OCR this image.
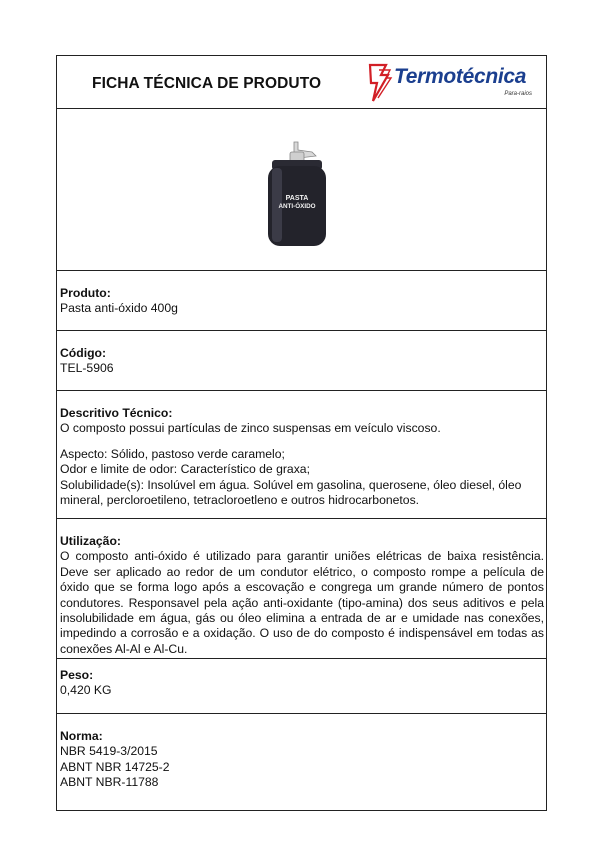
FICHA TÉCNICA DE PRODUTO	Termotécnica
Para-raios
PASTA
ANTI-ÓXIDO
Produto:
Pasta anti-óxido 400g
Código:
TEL-5906
Descritivo Técnico:
O composto possui partículas de zinco suspensas em veículo viscoso.
Aspecto: Sólido, pastoso verde caramelo;
Odor e limite de odor: Característico de graxa;
Solubilidade(s): Insolúvel em água. Solúvel em gasolina, querosene, óleo diesel, óleo mineral, percloroetileno, tetracloroetleno e outros hidrocarbonetos.
Utilização:
O composto anti-óxido é utilizado para garantir uniões elétricas de baixa resistência. Deve ser aplicado ao redor de um condutor elétrico, o composto rompe a película de óxido que se forma logo após a escovação e congrega um grande número de pontos condutores. Responsavel pela ação anti-oxidante (tipo-amina) dos seus aditivos e pela insolubilidade em água, gás ou óleo elimina a entrada de ar e umidade nas conexões, impedindo a corrosão e a oxidação. O uso de do composto é indispensável em todas as conexões Al-Al e Al-Cu.
Peso:
0,420 KG
Norma:
NBR 5419-3/2015
ABNT NBR 14725-2
ABNT NBR-11788
